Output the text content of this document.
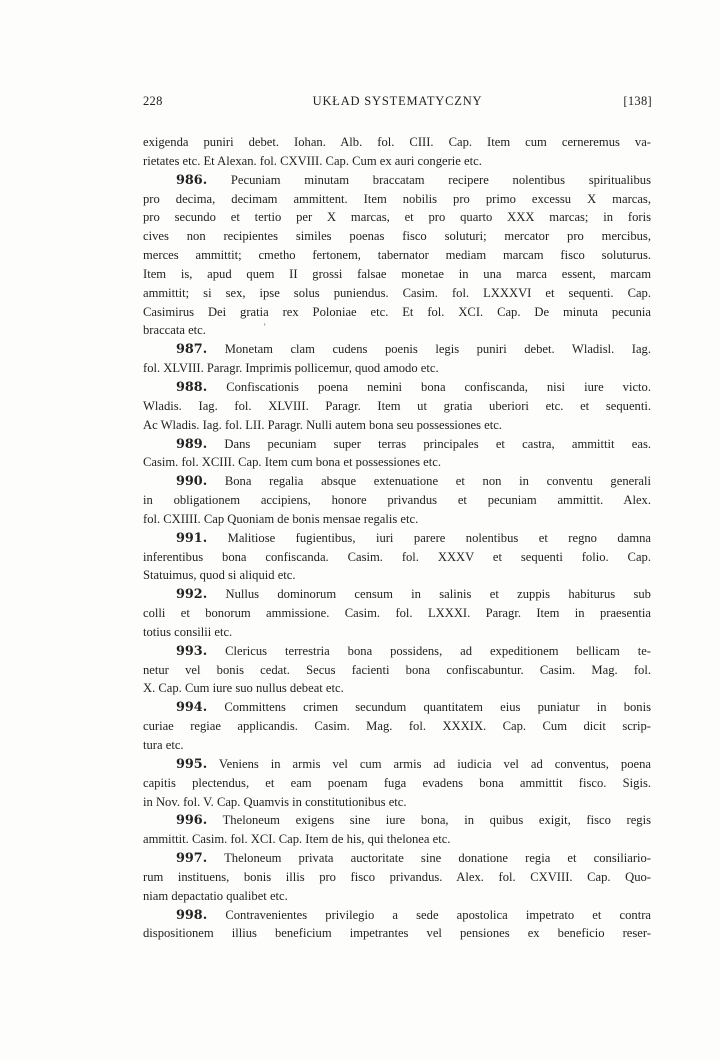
228	UKŁAD SYSTEMATYCZNY	[138]
'
exigenda puniri debet. Iohan. Alb. fol. CIII. Cap. Item cum cerneremus va-
rietates etc. Et Alexan. fol. CXVIII. Cap. Cum ex auri congerie etc.
986. Pecuniam minutam braccatam recipere nolentibus spiritualibus
pro decima, decimam ammittent. Item nobilis pro primo excessu X marcas,
pro secundo et tertio per X marcas, et pro quarto XXX marcas; in foris
cives non recipientes similes poenas fisco soluturi; mercator pro mercibus,
merces ammittit; cmetho fertonem, tabernator mediam marcam fisco soluturus.
Item is, apud quem II grossi falsae monetae in una marca essent, marcam
ammittit; si sex, ipse solus puniendus. Casim. fol. LXXXVI et sequenti. Cap.
Casimirus Dei gratia rex Poloniae etc. Et fol. XCI. Cap. De minuta pecunia
braccata etc.
987. Monetam clam cudens poenis legis puniri debet. Wladisl. Iag.
fol. XLVIII. Paragr. Imprimis pollicemur, quod amodo etc.
988. Confiscationis poena nemini bona confiscanda, nisi iure victo.
Wladis. Iag. fol. XLVIII. Paragr. Item ut gratia uberiori etc. et sequenti.
Ac Wladis. Iag. fol. LII. Paragr. Nulli autem bona seu possessiones etc.
989. Dans pecuniam super terras principales et castra, ammittit eas.
Casim. fol. XCIII. Cap. Item cum bona et possessiones etc.
990. Bona regalia absque extenuatione et non in conventu generali
in obligationem accipiens, honore privandus et pecuniam ammittit. Alex.
fol. CXIIII. Cap Quoniam de bonis mensae regalis etc.
991. Malitiose fugientibus, iuri parere nolentibus et regno damna
inferentibus bona confiscanda. Casim. fol. XXXV et sequenti folio. Cap.
Statuimus, quod si aliquid etc.
992. Nullus dominorum censum in salinis et zuppis habiturus sub
colli et bonorum ammissione. Casim. fol. LXXXI. Paragr. Item in praesentia
totius consilii etc.
993. Clericus terrestria bona possidens, ad expeditionem bellicam te-
netur vel bonis cedat. Secus facienti bona confiscabuntur. Casim. Mag. fol.
X. Cap. Cum iure suo nullus debeat etc.
994. Committens crimen secundum quantitatem eius puniatur in bonis
curiae regiae applicandis. Casim. Mag. fol. XXXIX. Cap. Cum dicit scrip-
tura etc.
995. Veniens in armis vel cum armis ad iudicia vel ad conventus, poena
capitis plectendus, et eam poenam fuga evadens bona ammittit fisco. Sigis.
in Nov. fol. V. Cap. Quamvis in constitutionibus etc.
996. Theloneum exigens sine iure bona, in quibus exigit, fisco regis
ammittit. Casim. fol. XCI. Cap. Item de his, qui thelonea etc.
997. Theloneum privata auctoritate sine donatione regia et consiliario-
rum instituens, bonis illis pro fisco privandus. Alex. fol. CXVIII. Cap. Quo-
niam depactatio qualibet etc.
998. Contravenientes privilegio a sede apostolica impetrato et contra
dispositionem illius beneficium impetrantes vel pensiones ex beneficio reser-
